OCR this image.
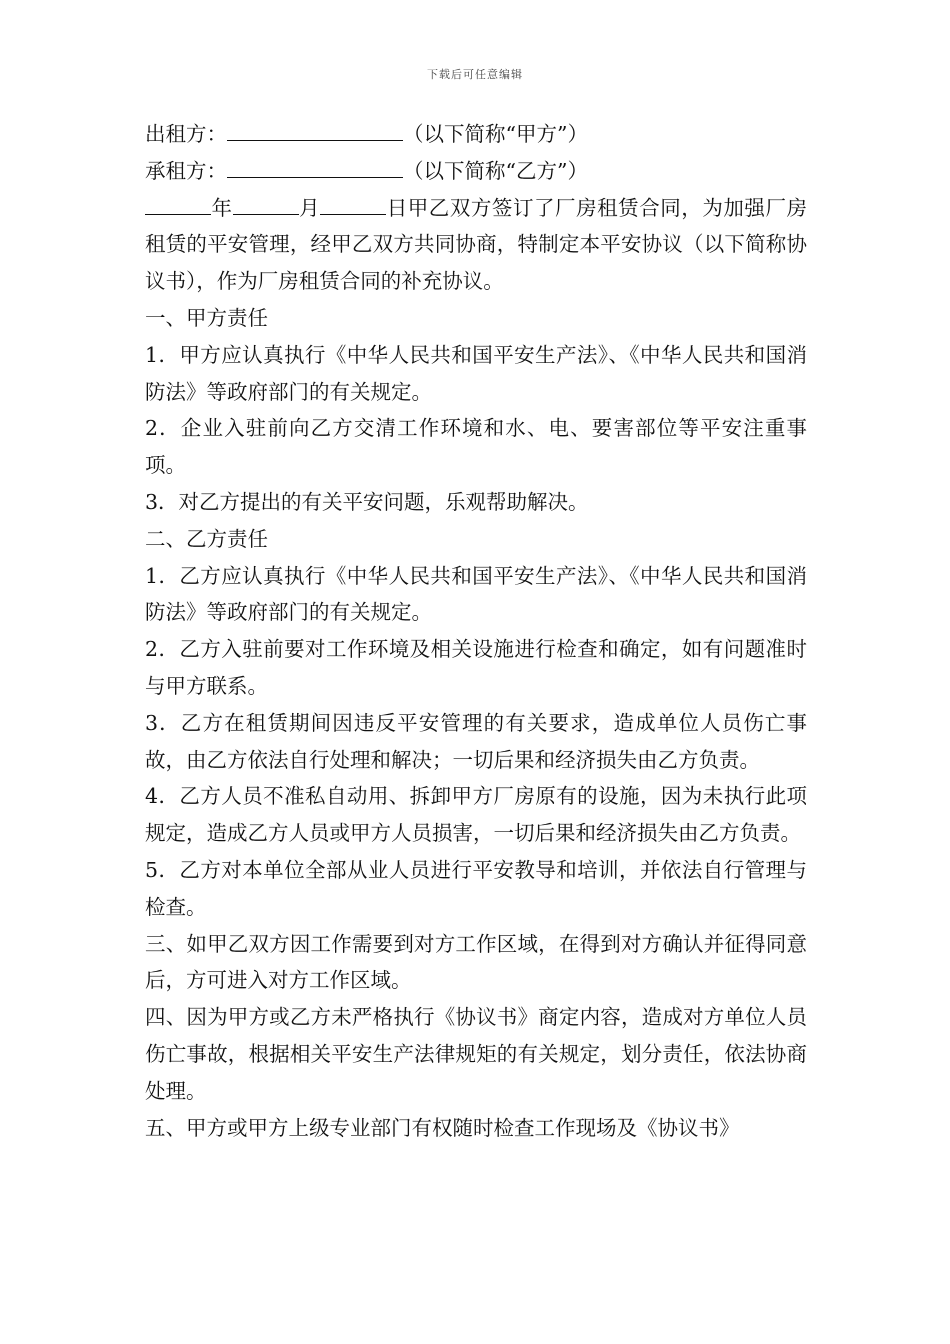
下载后可任意编辑
出租方：	（以下简称“甲方”）
承租方：	（以下简称“乙方”）
年	月	日甲乙双方签订了厂房租赁合同，为加强厂房租赁的平安管理，经甲乙双方共同协商，特制定本平安协议（以下简称协议书），作为厂房租赁合同的补充协议。
一、甲方责任
1．甲方应认真执行《中华人民共和国平安生产法》、《中华人民共和国消防法》等政府部门的有关规定。
2．企业入驻前向乙方交清工作环境和水、电、要害部位等平安注重事项。
3．对乙方提出的有关平安问题，乐观帮助解决。
二、乙方责任
1．乙方应认真执行《中华人民共和国平安生产法》、《中华人民共和国消防法》等政府部门的有关规定。
2．乙方入驻前要对工作环境及相关设施进行检查和确定，如有问题准时与甲方联系。
3．乙方在租赁期间因违反平安管理的有关要求，造成单位人员伤亡事故，由乙方依法自行处理和解决；一切后果和经济损失由乙方负责。
4．乙方人员不准私自动用、拆卸甲方厂房原有的设施，因为未执行此项规定，造成乙方人员或甲方人员损害，一切后果和经济损失由乙方负责。
5．乙方对本单位全部从业人员进行平安教导和培训，并依法自行管理与检查。
三、如甲乙双方因工作需要到对方工作区域，在得到对方确认并征得同意后，方可进入对方工作区域。
四、因为甲方或乙方未严格执行《协议书》商定内容，造成对方单位人员伤亡事故，根据相关平安生产法律规矩的有关规定，划分责任，依法协商处理。
五、甲方或甲方上级专业部门有权随时检查工作现场及《协议书》
